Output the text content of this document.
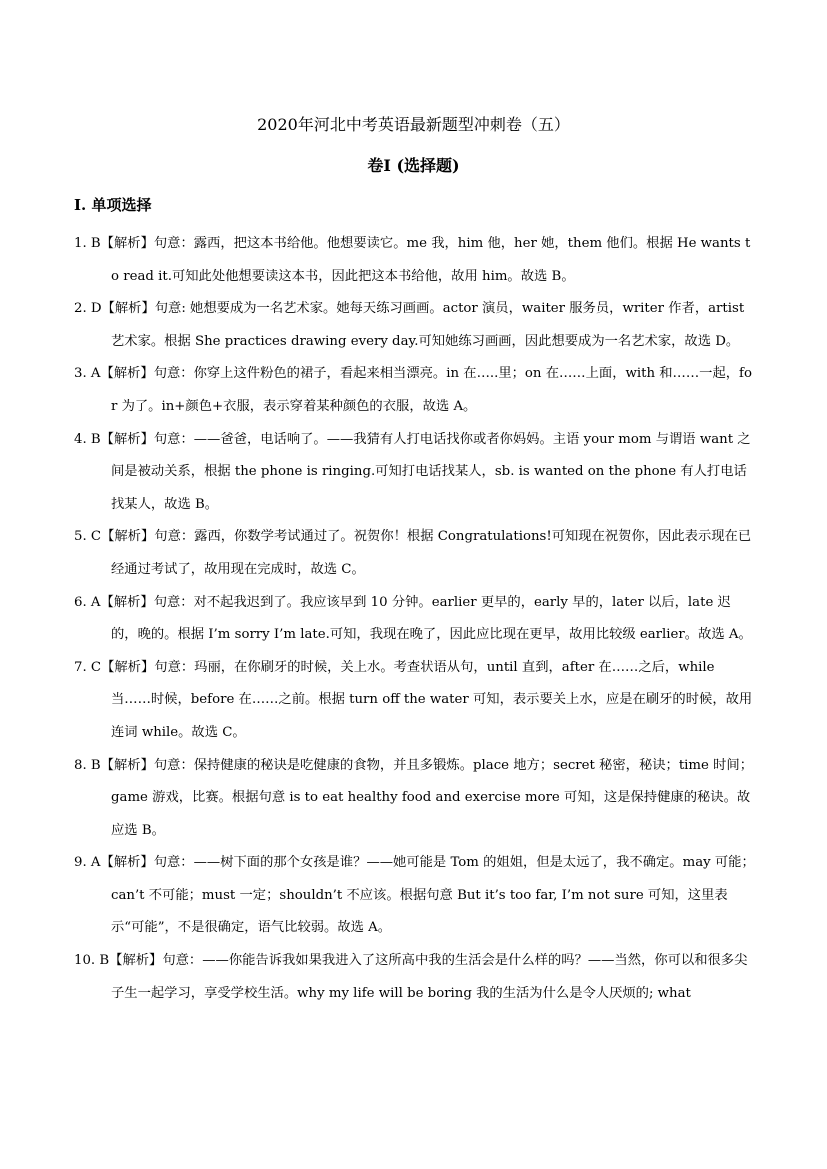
2020年河北中考英语最新题型冲刺卷（五）
卷I (选择题)
I. 单项选择

1. B【解析】句意：露西，把这本书给他。他想要读它。me 我，him 他，her 她，them 他们。根据 He wants to read it.可知此处他想要读这本书，因此把这本书给他，故用 him。故选 B。

2. D【解析】句意: 她想要成为一名艺术家。她每天练习画画。actor 演员，waiter 服务员，writer 作者，artist 艺术家。根据 She practices drawing every day.可知她练习画画，因此想要成为一名艺术家，故选 D。

3. A【解析】句意：你穿上这件粉色的裙子，看起来相当漂亮。in 在…..里；on 在……上面，with 和……一起，for 为了。in+颜色+衣服，表示穿着某种颜色的衣服，故选 A。

4. B【解析】句意：——爸爸，电话响了。——我猜有人打电话找你或者你妈妈。主语 your mom 与谓语 want 之间是被动关系，根据 the phone is ringing.可知打电话找某人，sb. is wanted on the phone 有人打电话找某人，故选 B。

5. C【解析】句意：露西，你数学考试通过了。祝贺你！根据 Congratulations!可知现在祝贺你，因此表示现在已经通过考试了，故用现在完成时，故选 C。

6. A【解析】句意：对不起我迟到了。我应该早到 10 分钟。earlier 更早的，early 早的，later 以后，late 迟的，晚的。根据 I’m sorry I’m late.可知，我现在晚了，因此应比现在更早，故用比较级 earlier。故选 A。

7. C【解析】句意：玛丽，在你刷牙的时候，关上水。考查状语从句，until 直到，after 在……之后，while 当……时候，before 在……之前。根据 turn off the water 可知，表示要关上水，应是在刷牙的时候，故用连词 while。故选 C。

8. B【解析】句意：保持健康的秘诀是吃健康的食物，并且多锻炼。place 地方；secret 秘密，秘诀；time 时间；game 游戏，比赛。根据句意 is to eat healthy food and exercise more 可知，这是保持健康的秘诀。故应选 B。

9. A【解析】句意：——树下面的那个女孩是谁？——她可能是 Tom 的姐姐，但是太远了，我不确定。may 可能；can’t 不可能；must 一定；shouldn’t 不应该。根据句意 But it’s too far, I’m not sure 可知，这里表示“可能”，不是很确定，语气比较弱。故选 A。

10. B【解析】句意：——你能告诉我如果我进入了这所高中我的生活会是什么样的吗？——当然，你可以和很多尖子生一起学习，享受学校生活。why my life will be boring 我的生活为什么是令人厌烦的; what
